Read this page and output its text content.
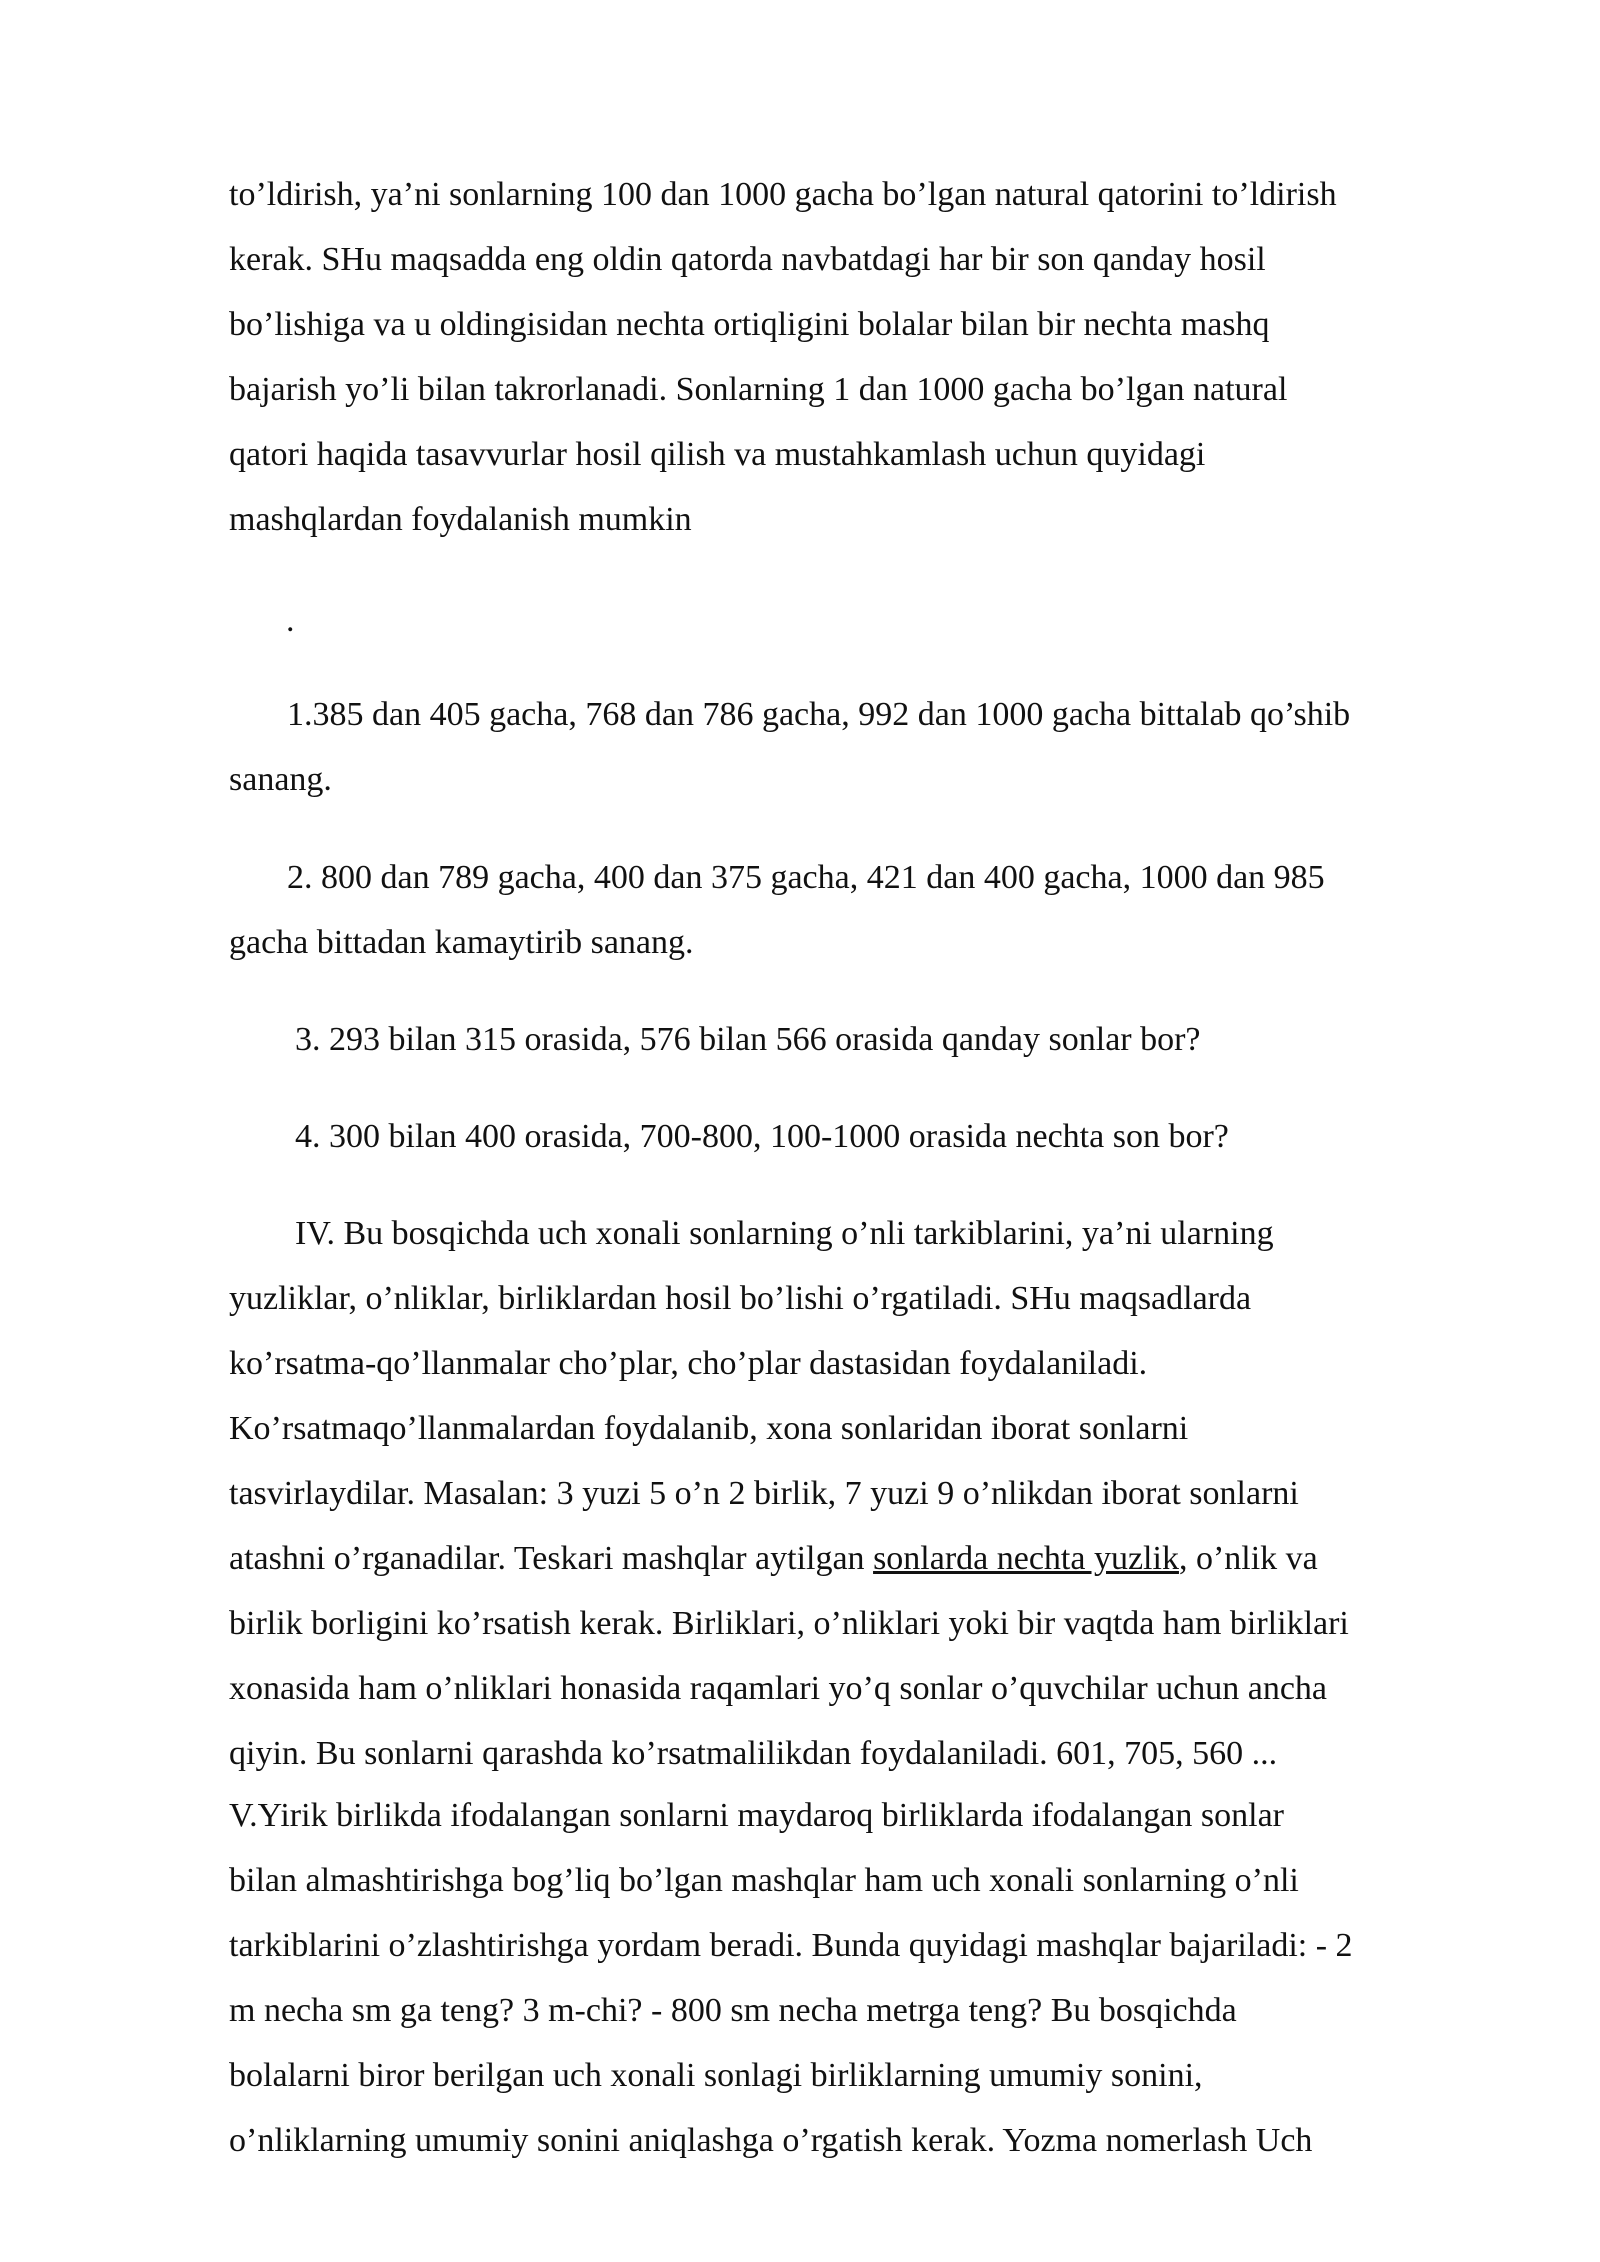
to’ldirish, ya’ni sonlarning 100 dan 1000 gacha bo’lgan natural qatorini to’ldirish
kerak. SHu maqsadda eng oldin qatorda navbatdagi har bir son qanday hosil
bo’lishiga va u oldingisidan nechta ortiqligini bolalar bilan bir nechta mashq
bajarish yo’li bilan takrorlanadi. Sonlarning 1 dan 1000 gacha bo’lgan natural
qatori haqida tasavvurlar hosil qilish va mustahkamlash uchun quyidagi
mashqlardan foydalanish mumkin
.
1.385 dan 405 gacha, 768 dan 786 gacha, 992 dan 1000 gacha bittalab qo’shib
sanang.
2. 800 dan 789 gacha, 400 dan 375 gacha, 421 dan 400 gacha, 1000 dan 985
gacha bittadan kamaytirib sanang.
3. 293 bilan 315 orasida, 576 bilan 566 orasida qanday sonlar bor?
4. 300 bilan 400 orasida, 700-800, 100-1000 orasida nechta son bor?
IV. Bu bosqichda uch xonali sonlarning o’nli tarkiblarini, ya’ni ularning
yuzliklar, o’nliklar, birliklardan hosil bo’lishi o’rgatiladi. SHu maqsadlarda
ko’rsatma-qo’llanmalar cho’plar, cho’plar dastasidan foydalaniladi.
Ko’rsatmaqo’llanmalardan foydalanib, xona sonlaridan iborat sonlarni
tasvirlaydilar. Masalan: 3 yuzi 5 o’n 2 birlik, 7 yuzi 9 o’nlikdan iborat sonlarni
atashni o’rganadilar. Teskari mashqlar aytilgan sonlarda nechta yuzlik, o’nlik va
birlik borligini ko’rsatish kerak. Birliklari, o’nliklari yoki bir vaqtda ham birliklari
xonasida ham o’nliklari honasida raqamlari yo’q sonlar o’quvchilar uchun ancha
qiyin. Bu sonlarni qarashda ko’rsatmalilikdan foydalaniladi. 601, 705, 560 ...
V.Yirik birlikda ifodalangan sonlarni maydaroq birliklarda ifodalangan sonlar
bilan almashtirishga bog’liq bo’lgan mashqlar ham uch xonali sonlarning o’nli
tarkiblarini o’zlashtirishga yordam beradi. Bunda quyidagi mashqlar bajariladi: - 2
m necha sm ga teng? 3 m-chi? - 800 sm necha metrga teng? Bu bosqichda
bolalarni biror berilgan uch xonali sonlagi birliklarning umumiy sonini,
o’nliklarning umumiy sonini aniqlashga o’rgatish kerak. Yozma nomerlash Uch
